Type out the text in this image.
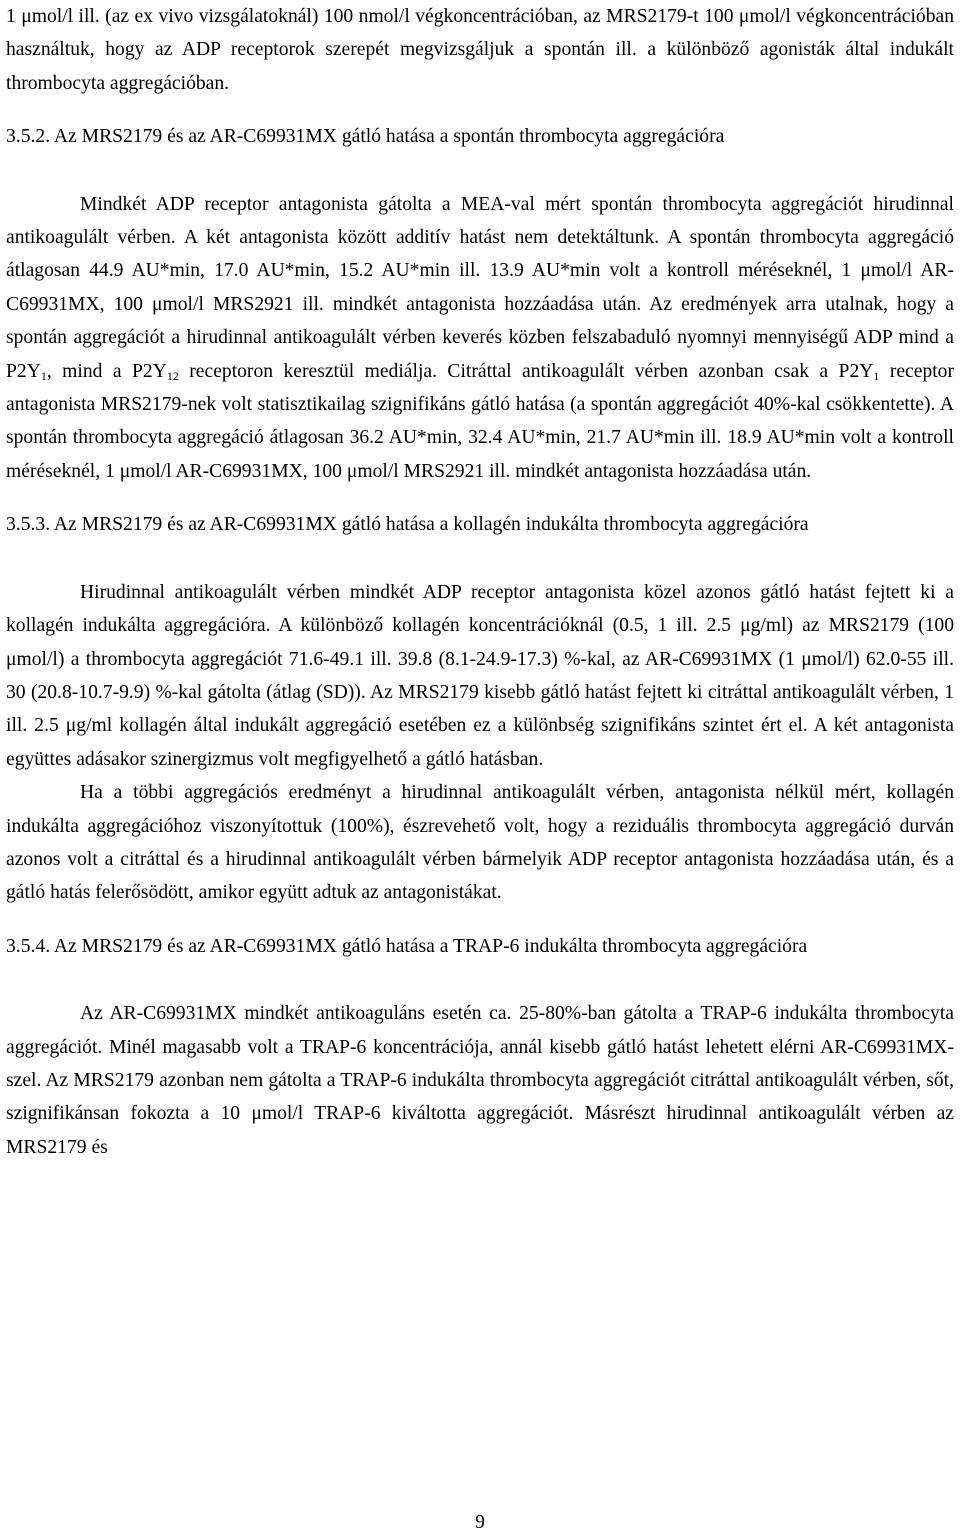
1 μmol/l ill. (az ex vivo vizsgálatoknál) 100 nmol/l végkoncentrációban, az MRS2179-t 100 μmol/l végkoncentrációban használtuk, hogy az ADP receptorok szerepét megvizsgáljuk a spontán ill. a különböző agonisták által indukált thrombocyta aggregációban.

3.5.2. Az MRS2179 és az AR-C69931MX gátló hatása a spontán thrombocyta aggregációra

Mindkét ADP receptor antagonista gátolta a MEA-val mért spontán thrombocyta aggregációt hirudinnal antikoagulált vérben. A két antagonista között additív hatást nem detektáltunk. A spontán thrombocyta aggregáció átlagosan 44.9 AU*min, 17.0 AU*min, 15.2 AU*min ill. 13.9 AU*min volt a kontroll méréseknél, 1 μmol/l AR-C69931MX, 100 μmol/l MRS2921 ill. mindkét antagonista hozzáadása után. Az eredmények arra utalnak, hogy a spontán aggregációt a hirudinnal antikoagulált vérben keverés közben felszabaduló nyomnyi mennyiségű ADP mind a $P2Y_1$, mind a $P2Y_{12}$ receptoron keresztül mediálja. Citráttal antikoagulált vérben azonban csak a $P2Y_1$ receptor antagonista MRS2179-nek volt statisztikailag szignifikáns gátló hatása (a spontán aggregációt 40%-kal csökkentette). A spontán thrombocyta aggregáció átlagosan 36.2 AU*min, 32.4 AU*min, 21.7 AU*min ill. 18.9 AU*min volt a kontroll méréseknél, 1 μmol/l AR-C69931MX, 100 μmol/l MRS2921 ill. mindkét antagonista hozzáadása után.

3.5.3. Az MRS2179 és az AR-C69931MX gátló hatása a kollagén indukálta thrombocyta aggregációra

Hirudinnal antikoagulált vérben mindkét ADP receptor antagonista közel azonos gátló hatást fejtett ki a kollagén indukálta aggregációra. A különböző kollagén koncentrációknál (0.5, 1 ill. 2.5 μg/ml) az MRS2179 (100 μmol/l) a thrombocyta aggregációt 71.6-49.1 ill. 39.8 (8.1-24.9-17.3) %-kal, az AR-C69931MX (1 μmol/l) 62.0-55 ill. 30 (20.8-10.7-9.9) %-kal gátolta (átlag (SD)). Az MRS2179 kisebb gátló hatást fejtett ki citráttal antikoagulált vérben, 1 ill. 2.5 μg/ml kollagén által indukált aggregáció esetében ez a különbség szignifikáns szintet ért el. A két antagonista együttes adásakor szinergizmus volt megfigyelhető a gátló hatásban.

Ha a többi aggregációs eredményt a hirudinnal antikoagulált vérben, antagonista nélkül mért, kollagén indukálta aggregációhoz viszonyítottuk (100%), észrevehető volt, hogy a reziduális thrombocyta aggregáció durván azonos volt a citráttal és a hirudinnal antikoagulált vérben bármelyik ADP receptor antagonista hozzáadása után, és a gátló hatás felerősödött, amikor együtt adtuk az antagonistákat.

3.5.4. Az MRS2179 és az AR-C69931MX gátló hatása a TRAP-6 indukálta thrombocyta aggregációra

Az AR-C69931MX mindkét antikoaguláns esetén ca. 25-80%-ban gátolta a TRAP-6 indukálta thrombocyta aggregációt. Minél magasabb volt a TRAP-6 koncentrációja, annál kisebb gátló hatást lehetett elérni AR-C69931MX-szel. Az MRS2179 azonban nem gátolta a TRAP-6 indukálta thrombocyta aggregációt citráttal antikoagulált vérben, sőt, szignifikánsan fokozta a 10 μmol/l TRAP-6 kiváltotta aggregációt. Másrészt hirudinnal antikoagulált vérben az MRS2179 és

9
